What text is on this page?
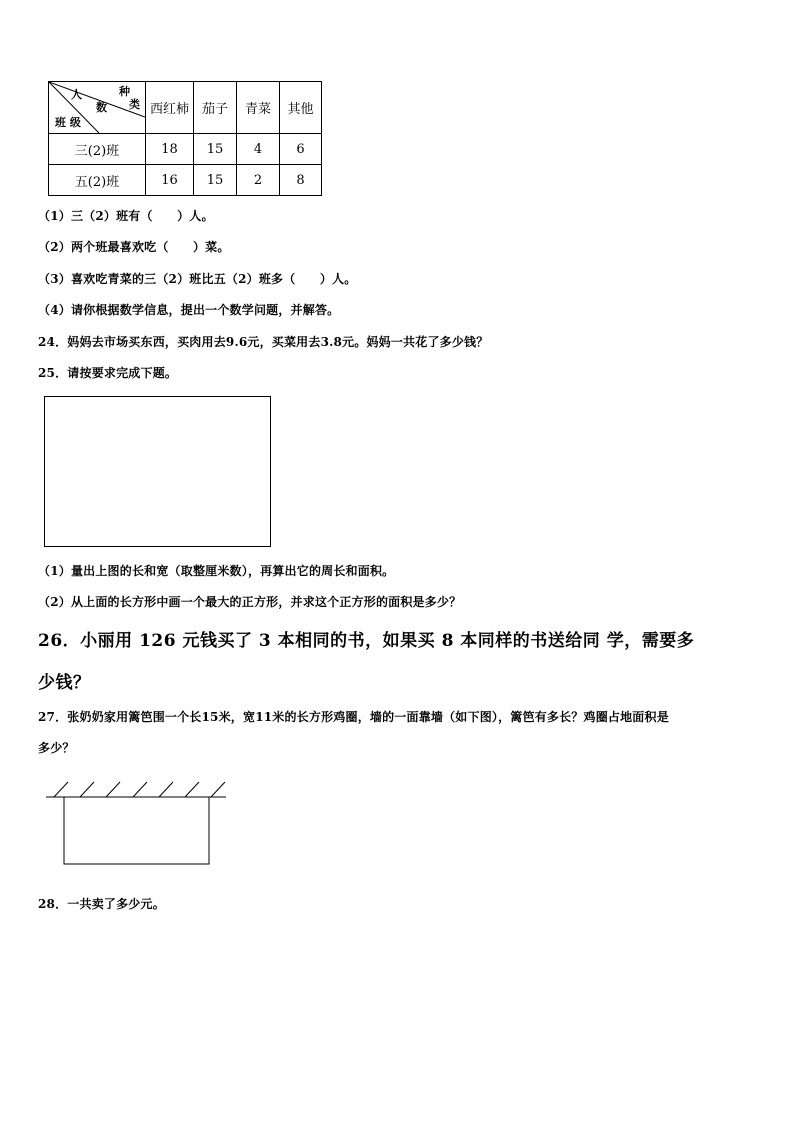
种
类
人
数
班 级	西红柿	茄子	青菜	其他
三(2)班	18	15	4	6
五(2)班	16	15	2	8
（1）三（2）班有（　　）人。
（2）两个班最喜欢吃（　　）菜。
（3）喜欢吃青菜的三（2）班比五（2）班多（　　）人。
（4）请你根据数学信息，提出一个数学问题，并解答。
24．妈妈去市场买东西，买肉用去9.6元，买菜用去3.8元。妈妈一共花了多少钱？
25．请按要求完成下题。
（1）量出上图的长和宽（取整厘米数），再算出它的周长和面积。
（2）从上面的长方形中画一个最大的正方形，并求这个正方形的面积是多少？
26．小丽用 126 元钱买了 3 本相同的书，如果买 8 本同样的书送给同 学，需要多
少钱？
27．张奶奶家用篱笆围一个长15米，宽11米的长方形鸡圈，墙的一面靠墙（如下图），篱笆有多长？鸡圈占地面积是
多少？
28．一共卖了多少元。
